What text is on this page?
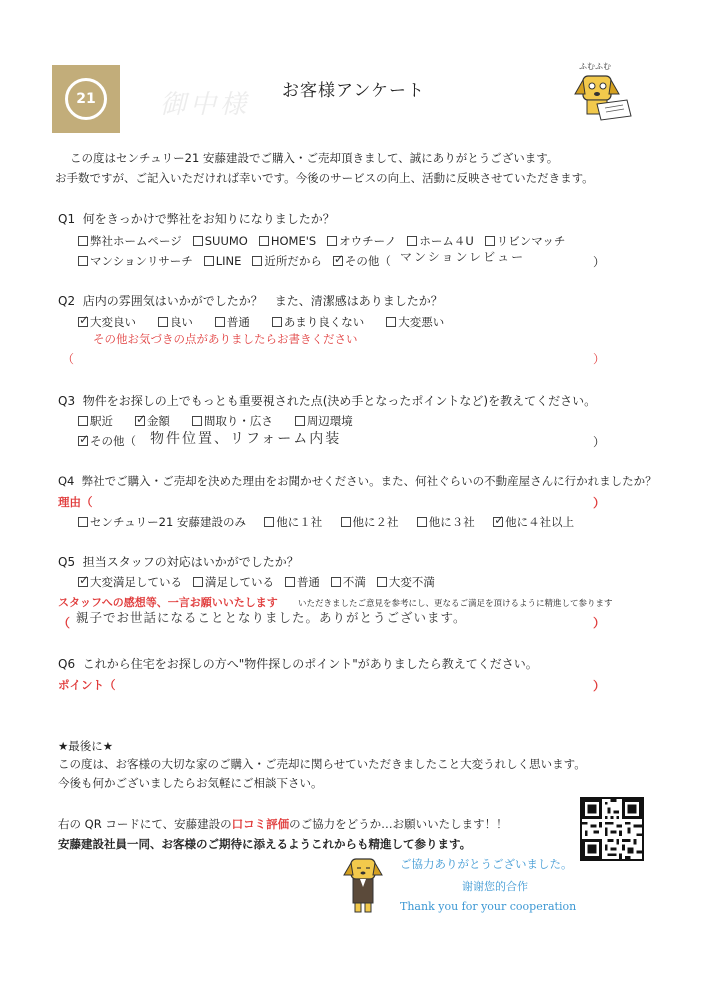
21 御中様	お客様アンケート
ふむふむ
この度はセンチュリー21 安藤建設でご購入・ご売却頂きまして、誠にありがとうございます。
お手数ですが、ご記入いただければ幸いです。今後のサービスの向上、活動に反映させていただきます。
Q1 何をきっかけで弊社をお知りになりましたか？
弊社ホームページ SUUMO HOME'S オウチーノ ホーム４U リビンマッチ
マンションリサーチ LINE 近所だから ✓ その他（ マンションレビュー	）
Q2 店内の雰囲気はいかがでしたか？　また、清潔感はありましたか？
✓大変良い	良い	普通	あまり良くない	大変悪い
その他お気づきの点がありましたらお書きください
（	）
Q3 物件をお探しの上でもっとも重要視された点(決め手となったポイントなど)を教えてください。
駅近 ✓	金額	間取り・広さ	周辺環境
✓その他（ 物件位置、リフォーム内装	）
Q4 弊社でご購入・ご売却を決めた理由をお聞かせください。また、何社ぐらいの不動産屋さんに行かれましたか？
理由（	）
センチュリー21 安藤建設のみ	他に１社	他に２社	他に３社 ✓	他に４社以上
Q5 担当スタッフの対応はいかがでしたか？
✓大変満足している 満足している 普通 不満 大変不満
スタッフへの感想等、一言お願いいたします いただきましたご意見を参考にし、更なるご満足を頂けるように精進して参ります
（ 親子でお世話になることとなりました。ありがとうございます。	）
Q6 これから住宅をお探しの方へ"物件探しのポイント"がありましたら教えてください。
ポイント（	）
★最後に★
この度は、お客様の大切な家のご購入・ご売却に関らせていただきましたこと大変うれしく思います。
今後も何かございましたらお気軽にご相談下さい。
右の QR コードにて、安藤建設の口コミ評価のご協力をどうか…お願いいたします！！
安藤建設社員一同、お客様のご期待に添えるようこれからも精進して参ります。
ご協力ありがとうございました。
谢谢您的合作
Thank you for your cooperation
